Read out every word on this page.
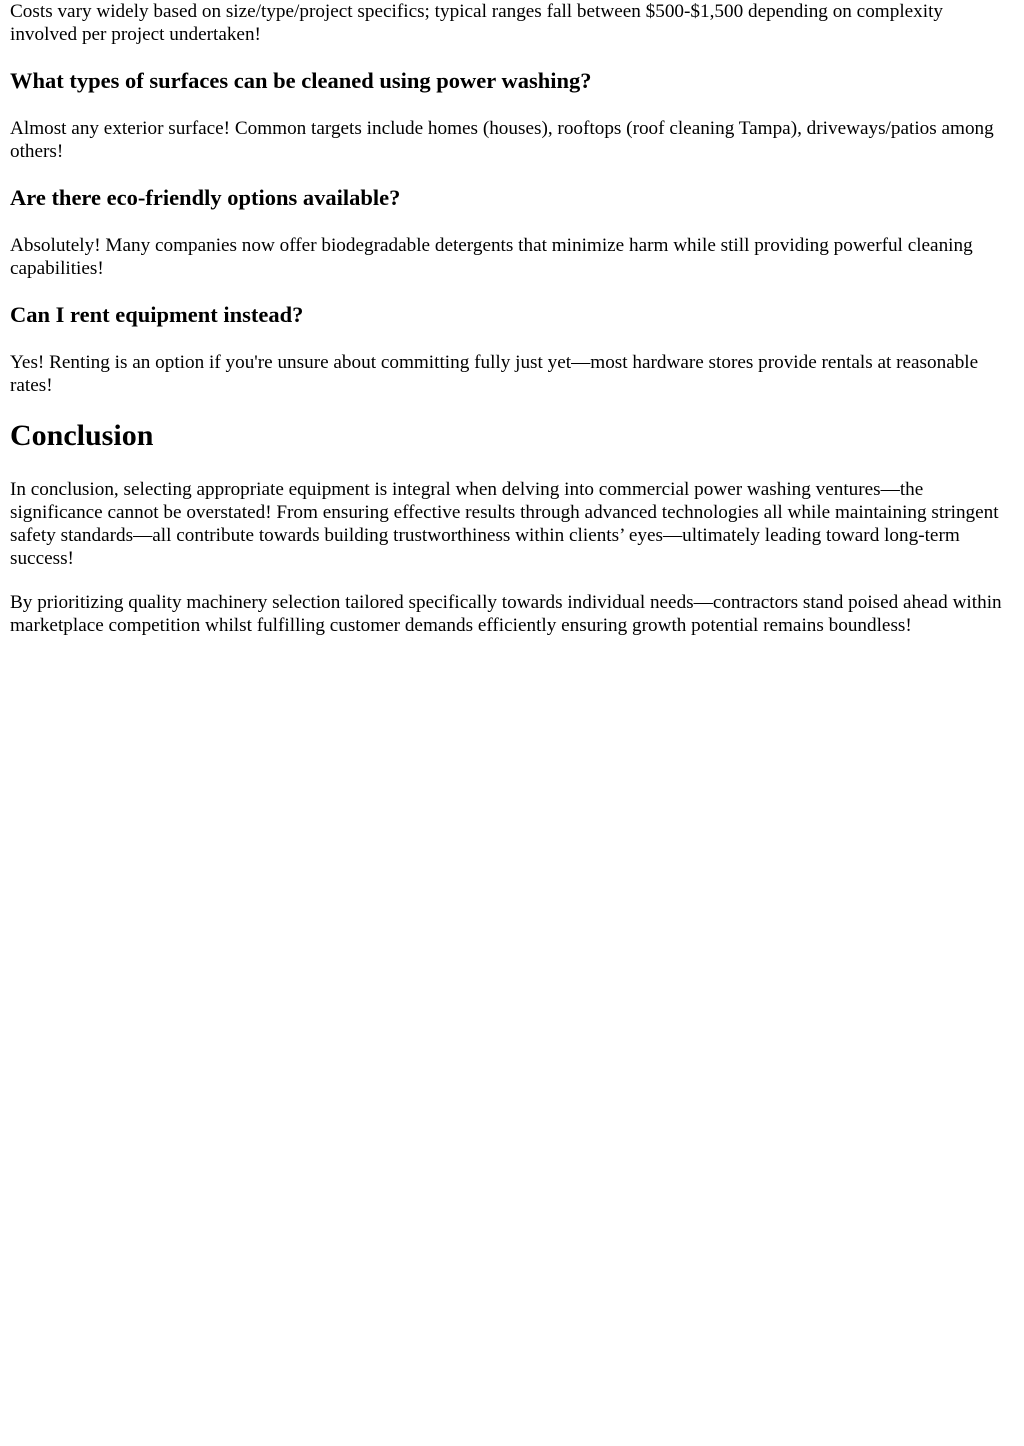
Costs vary widely based on size/type/project specifics; typical ranges fall between $500-$1,500 depending on complexity involved per project undertaken!

What types of surfaces can be cleaned using power washing?

Almost any exterior surface! Common targets include homes (houses), rooftops (roof cleaning Tampa), driveways/patios among others!

Are there eco-friendly options available?

Absolutely! Many companies now offer biodegradable detergents that minimize harm while still providing powerful cleaning capabilities!

Can I rent equipment instead?

Yes! Renting is an option if you're unsure about committing fully just yet—most hardware stores provide rentals at reasonable rates!

Conclusion

In conclusion, selecting appropriate equipment is integral when delving into commercial power washing ventures—the significance cannot be overstated! From ensuring effective results through advanced technologies all while maintaining stringent safety standards—all contribute towards building trustworthiness within clients’ eyes—ultimately leading toward long-term success!

By prioritizing quality machinery selection tailored specifically towards individual needs—contractors stand poised ahead within marketplace competition whilst fulfilling customer demands efficiently ensuring growth potential remains boundless!
